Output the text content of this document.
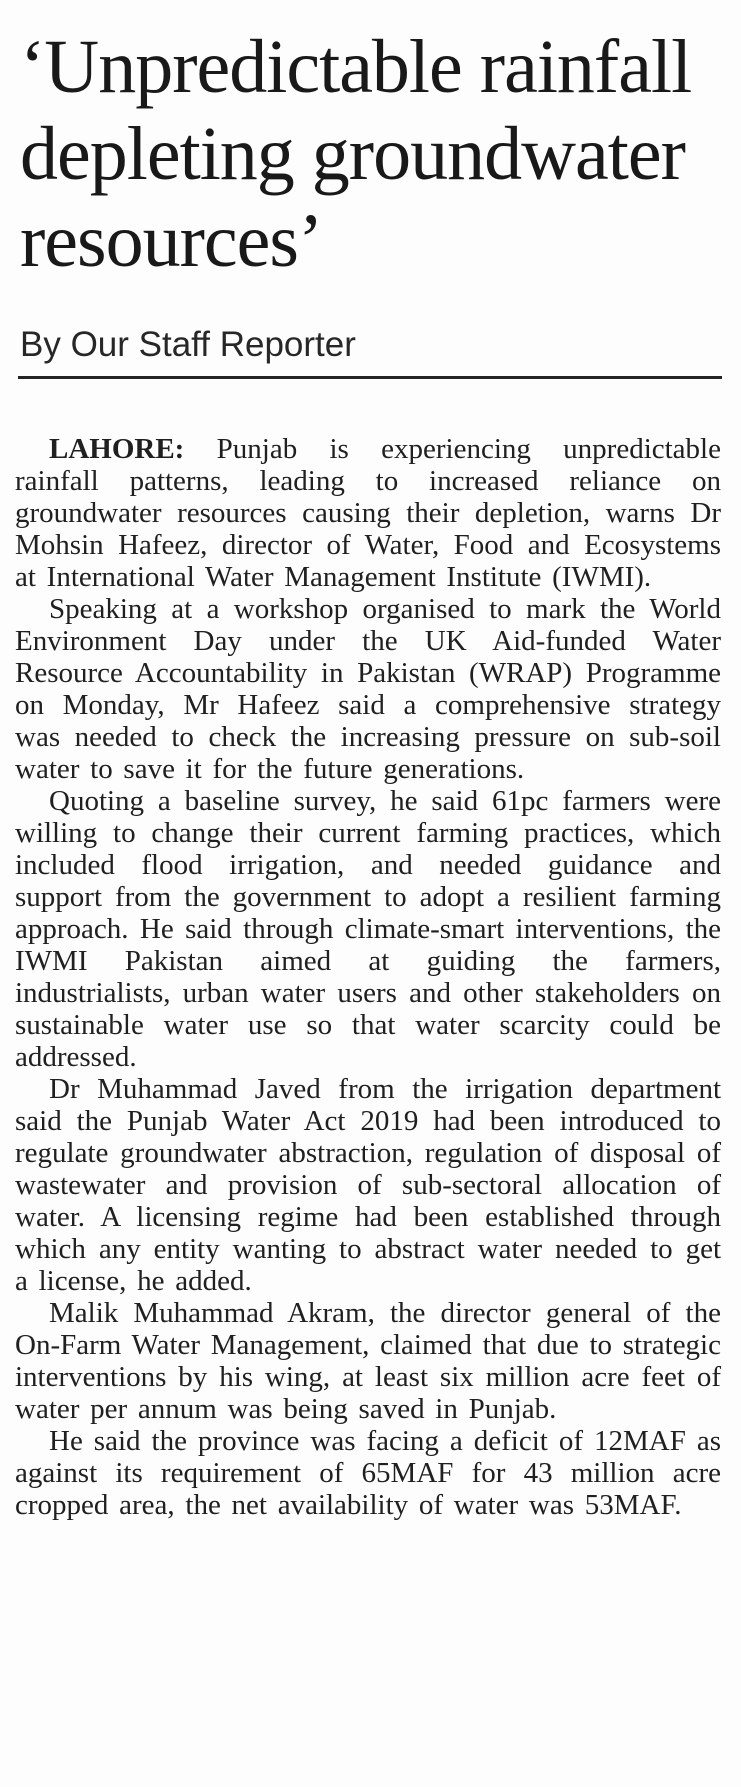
‘Unpredictable rainfall depleting groundwater resources’
By Our Staff Reporter

LAHORE: Punjab is experiencing unpredictable rainfall patterns, leading to increased reliance on groundwater resources causing their depletion, warns Dr Mohsin Hafeez, director of Water, Food and Ecosystems at International Water Management Institute (IWMI).

Speaking at a workshop organised to mark the World Environment Day under the UK Aid-funded Water Resource Accountability in Pakistan (WRAP) Programme on Monday, Mr Hafeez said a comprehensive strategy was needed to check the increasing pressure on sub-soil water to save it for the future generations.

Quoting a baseline survey, he said 61pc farmers were willing to change their current farming practices, which included flood irrigation, and needed guidance and support from the government to adopt a resilient farming approach. He said through climate-smart interventions, the IWMI Pakistan aimed at guiding the farmers, industrialists, urban water users and other stakeholders on sustainable water use so that water scarcity could be addressed.

Dr Muhammad Javed from the irrigation department said the Punjab Water Act 2019 had been introduced to regulate groundwater abstraction, regulation of disposal of wastewater and provision of sub-sectoral allocation of water. A licensing regime had been established through which any entity wanting to abstract water needed to get a license, he added.

Malik Muhammad Akram, the director general of the On-Farm Water Management, claimed that due to strategic interventions by his wing, at least six million acre feet of water per annum was being saved in Punjab.

He said the province was facing a deficit of 12MAF as against its requirement of 65MAF for 43 million acre cropped area, the net availability of water was 53MAF.
